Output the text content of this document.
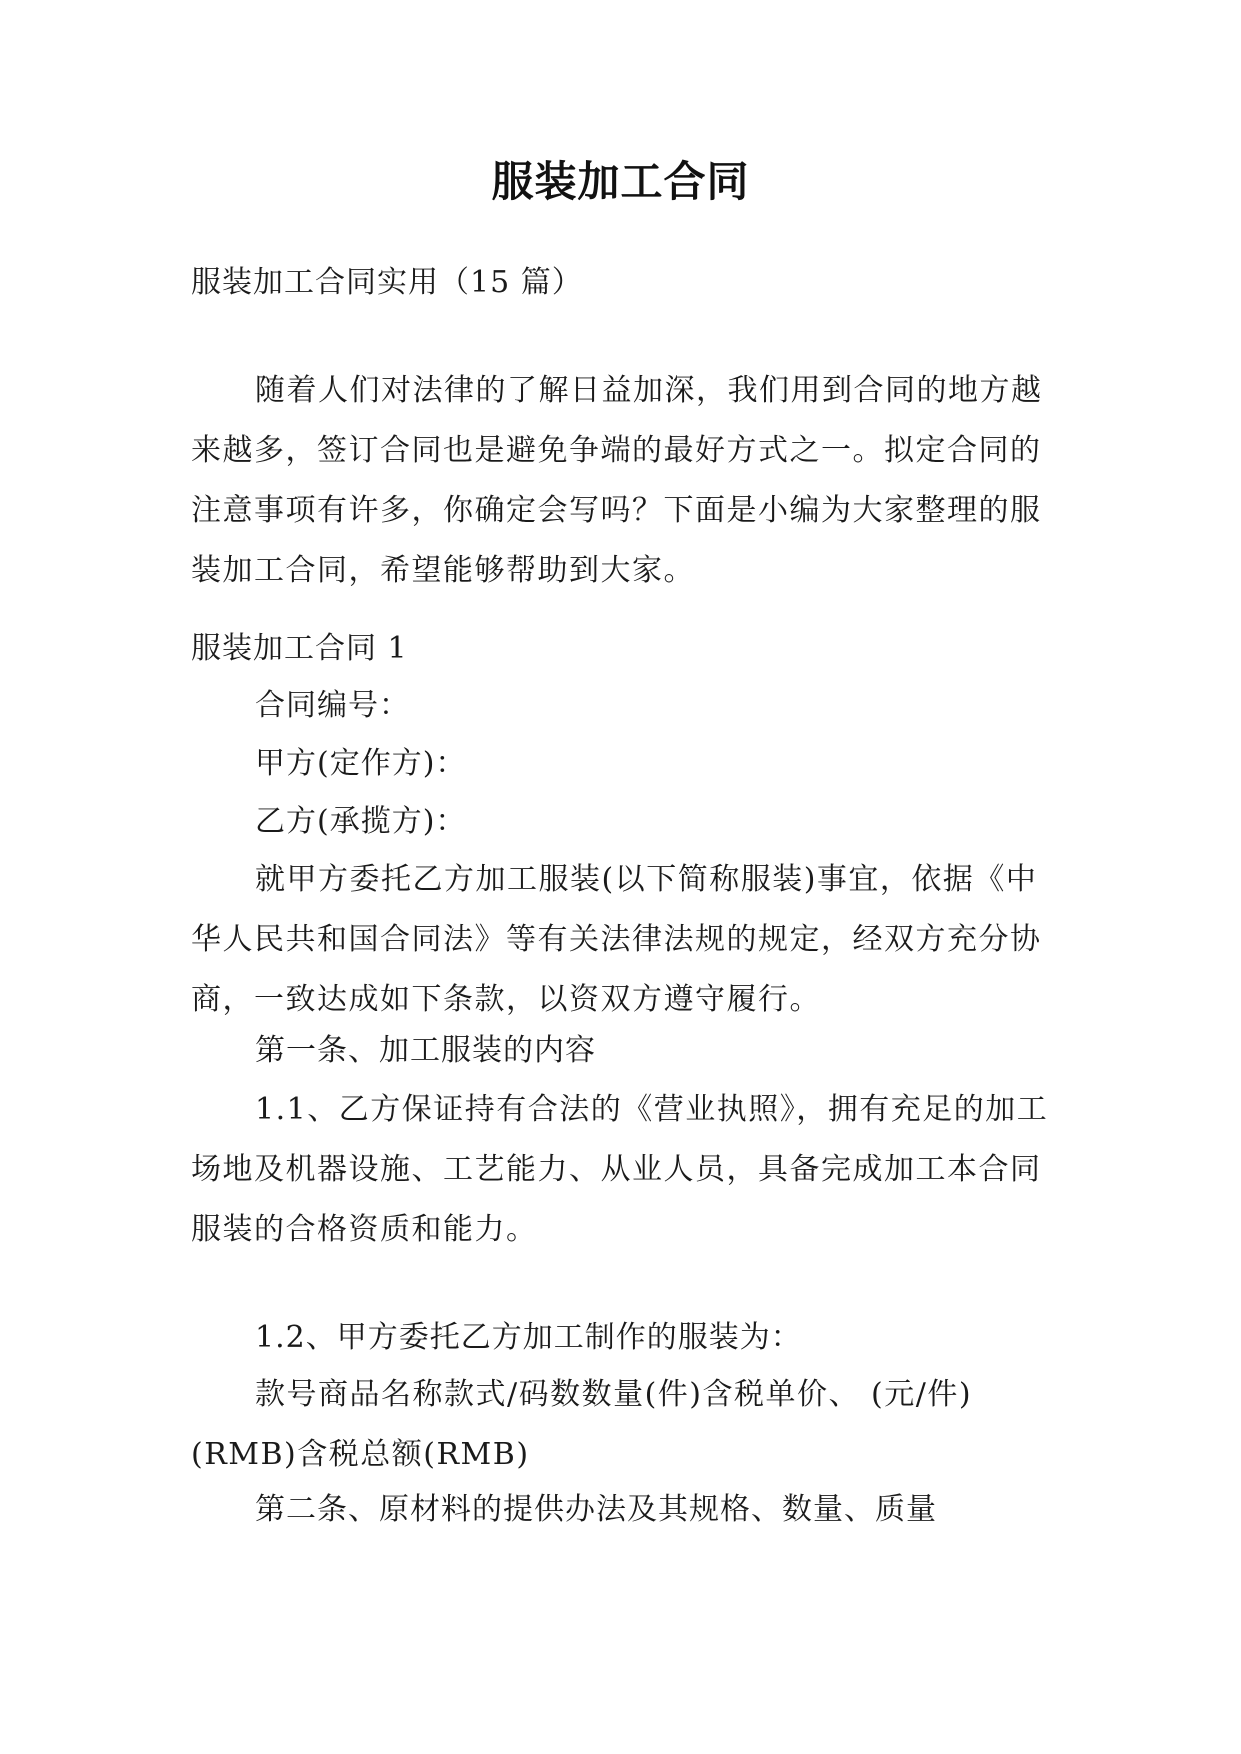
服装加工合同
服装加工合同实用（15 篇）
随着人们对法律的了解日益加深，我们用到合同的地方越来越多，签订合同也是避免争端的最好方式之一。拟定合同的注意事项有许多，你确定会写吗？下面是小编为大家整理的服装加工合同，希望能够帮助到大家。
服装加工合同 1
合同编号：
甲方(定作方)：
乙方(承揽方)：
就甲方委托乙方加工服装(以下简称服装)事宜，依据《中华人民共和国合同法》等有关法律法规的规定，经双方充分协商，一致达成如下条款，以资双方遵守履行。
第一条、加工服装的内容
1.1、乙方保证持有合法的《营业执照》，拥有充足的加工场地及机器设施、工艺能力、从业人员，具备完成加工本合同服装的合格资质和能力。
1.2、甲方委托乙方加工制作的服装为：
款号商品名称款式/码数数量(件)含税单价、 (元/件)(RMB)含税总额(RMB)
第二条、原材料的提供办法及其规格、数量、质量
